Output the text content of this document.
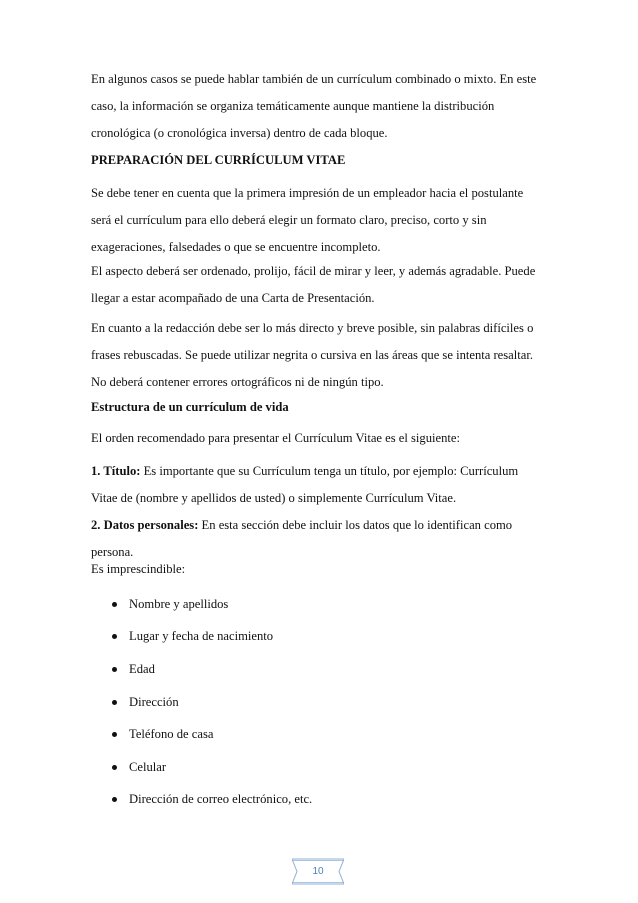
En algunos casos se puede hablar también de un currículum combinado o mixto. En este
caso, la información se organiza temáticamente aunque mantiene la distribución
cronológica (o cronológica inversa) dentro de cada bloque.
PREPARACIÓN DEL CURRÍCULUM VITAE
Se debe tener en cuenta que la primera impresión de un empleador hacia el postulante
será el currículum para ello deberá elegir un formato claro, preciso, corto y sin
exageraciones, falsedades o que se encuentre incompleto.
El aspecto deberá ser ordenado, prolijo, fácil de mirar y leer, y además agradable. Puede
llegar a estar acompañado de una Carta de Presentación.
En cuanto a la redacción debe ser lo más directo y breve posible, sin palabras difíciles o
frases rebuscadas. Se puede utilizar negrita o cursiva en las áreas que se intenta resaltar.
No deberá contener errores ortográficos ni de ningún tipo.
Estructura de un currículum de vida
El orden recomendado para presentar el Currículum Vitae es el siguiente:
1. Título: Es importante que su Currículum tenga un título, por ejemplo: Currículum
Vitae de (nombre y apellidos de usted) o simplemente Currículum Vitae.
2. Datos personales: En esta sección debe incluir los datos que lo identifican como
persona.
Es imprescindible:
Nombre y apellidos
Lugar y fecha de nacimiento
Edad
Dirección
Teléfono de casa
Celular
Dirección de correo electrónico, etc.
10
